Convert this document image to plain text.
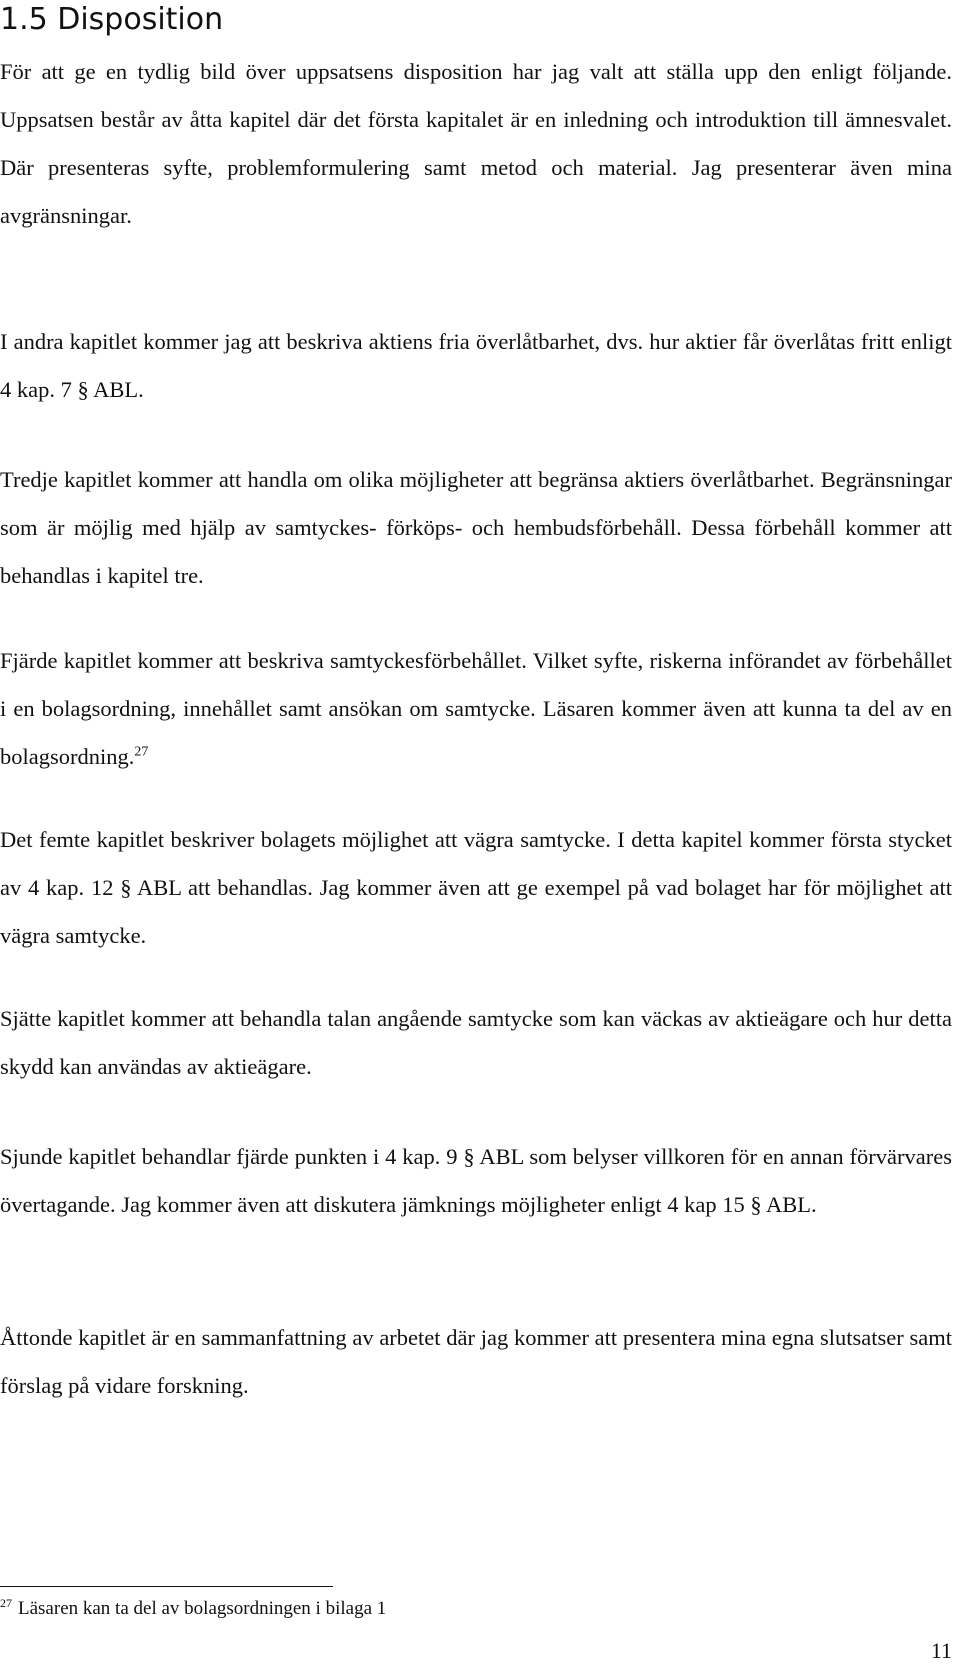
1.5 Disposition

För att ge en tydlig bild över uppsatsens disposition har jag valt att ställa upp den enligt följande. Uppsatsen består av åtta kapitel där det första kapitalet är en inledning och introduktion till ämnesvalet. Där presenteras syfte, problemformulering samt metod och material. Jag presenterar även mina avgränsningar.

I andra kapitlet kommer jag att beskriva aktiens fria överlåtbarhet, dvs. hur aktier får överlåtas fritt enligt 4 kap. 7 § ABL.

Tredje kapitlet kommer att handla om olika möjligheter att begränsa aktiers överlåtbarhet. Begränsningar som är möjlig med hjälp av samtyckes- förköps- och hembudsförbehåll. Dessa förbehåll kommer att behandlas i kapitel tre.

Fjärde kapitlet kommer att beskriva samtyckesförbehållet. Vilket syfte, riskerna införandet av förbehållet i en bolagsordning, innehållet samt ansökan om samtycke. Läsaren kommer även att kunna ta del av en bolagsordning.$^{27}$

Det femte kapitlet beskriver bolagets möjlighet att vägra samtycke. I detta kapitel kommer första stycket av 4 kap. 12 § ABL att behandlas. Jag kommer även att ge exempel på vad bolaget har för möjlighet att vägra samtycke.

Sjätte kapitlet kommer att behandla talan angående samtycke som kan väckas av aktieägare och hur detta skydd kan användas av aktieägare.

Sjunde kapitlet behandlar fjärde punkten i 4 kap. 9 § ABL som belyser villkoren för en annan förvärvares övertagande. Jag kommer även att diskutera jämknings möjligheter enligt 4 kap 15 § ABL.

Åttonde kapitlet är en sammanfattning av arbetet där jag kommer att presentera mina egna slutsatser samt förslag på vidare forskning.

$^{27}$ Läsaren kan ta del av bolagsordningen i bilaga 1

11
